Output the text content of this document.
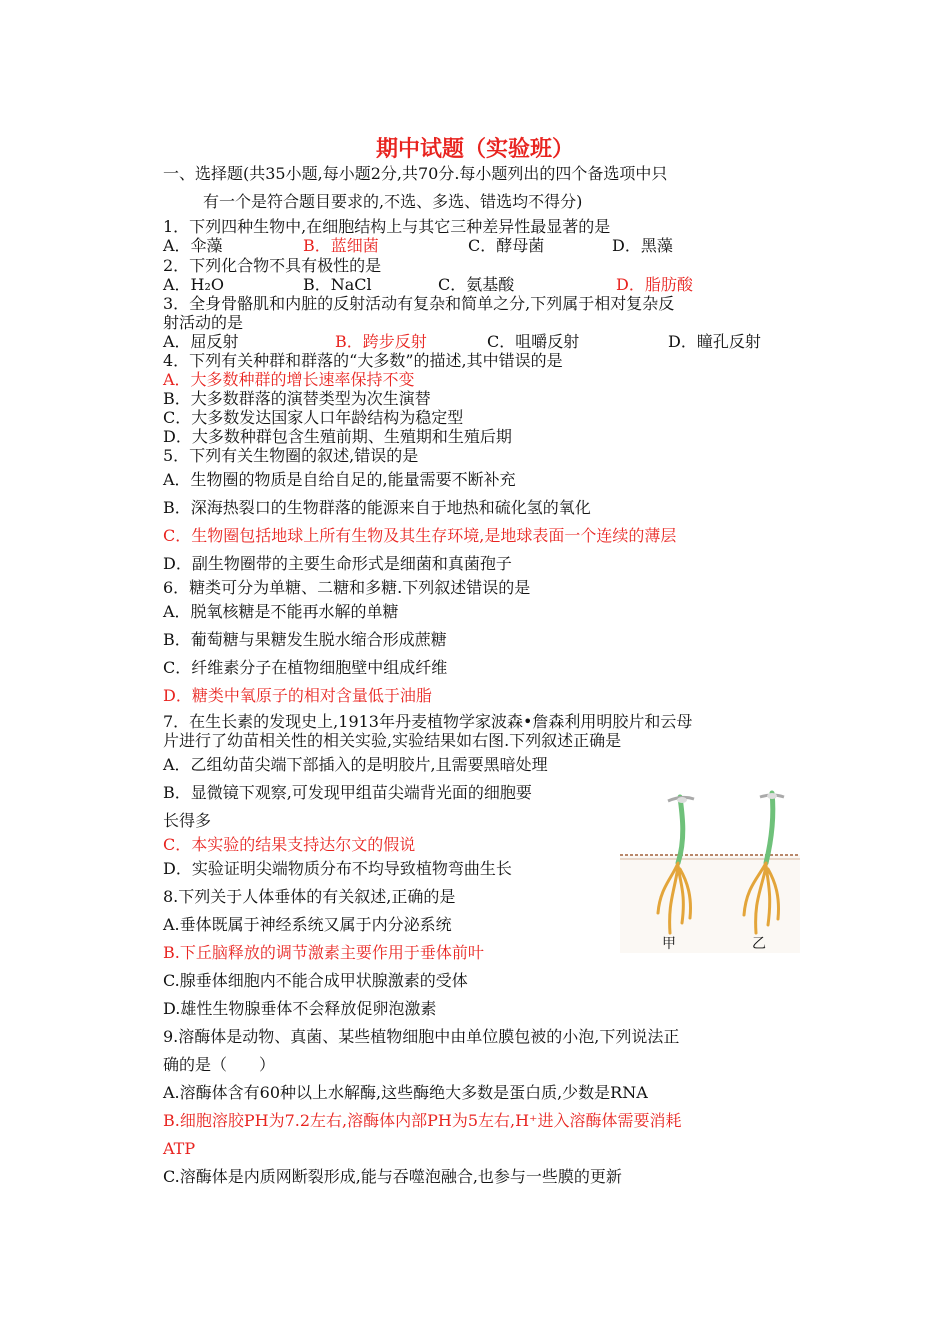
期中试题（实验班）
一、选择题(共35小题,每小题2分,共70分.每小题列出的四个备选项中只
有一个是符合题目要求的,不选、多选、错选均不得分)
1．下列四种生物中,在细胞结构上与其它三种差异性最显著的是
A．伞藻	B．蓝细菌	C．酵母菌	D．黑藻
2．下列化合物不具有极性的是
A．H₂O	B．NaCl	C．氨基酸	D．脂肪酸
3．全身骨骼肌和内脏的反射活动有复杂和简单之分,下列属于相对复杂反
射活动的是
A．屈反射	B．跨步反射	C．咀嚼反射	D．瞳孔反射
4．下列有关种群和群落的“大多数”的描述,其中错误的是
A．大多数种群的增长速率保持不变
B．大多数群落的演替类型为次生演替
C．大多数发达国家人口年龄结构为稳定型
D．大多数种群包含生殖前期、生殖期和生殖后期
5．下列有关生物圈的叙述,错误的是
A．生物圈的物质是自给自足的,能量需要不断补充
B．深海热裂口的生物群落的能源来自于地热和硫化氢的氧化
C．生物圈包括地球上所有生物及其生存环境,是地球表面一个连续的薄层
D．副生物圈带的主要生命形式是细菌和真菌孢子
6．糖类可分为单糖、二糖和多糖.下列叙述错误的是
A．脱氧核糖是不能再水解的单糖
B．葡萄糖与果糖发生脱水缩合形成蔗糖
C．纤维素分子在植物细胞壁中组成纤维
D．糖类中氧原子的相对含量低于油脂
7．在生长素的发现史上,1913年丹麦植物学家波森•詹森利用明胶片和云母
片进行了幼苗相关性的相关实验,实验结果如右图.下列叙述正确是
A．乙组幼苗尖端下部插入的是明胶片,且需要黑暗处理
B．显微镜下观察,可发现甲组苗尖端背光面的细胞要
长得多
C．本实验的结果支持达尔文的假说
D．实验证明尖端物质分布不均导致植物弯曲生长
甲	乙
8.下列关于人体垂体的有关叙述,正确的是
A.垂体既属于神经系统又属于内分泌系统
B.下丘脑释放的调节激素主要作用于垂体前叶
C.腺垂体细胞内不能合成甲状腺激素的受体
D.雄性生物腺垂体不会释放促卵泡激素
9.溶酶体是动物、真菌、某些植物细胞中由单位膜包被的小泡,下列说法正
确的是（　　）
A.溶酶体含有60种以上水解酶,这些酶绝大多数是蛋白质,少数是RNA
B.细胞溶胶PH为7.2左右,溶酶体内部PH为5左右,H⁺进入溶酶体需要消耗
ATP
C.溶酶体是内质网断裂形成,能与吞噬泡融合,也参与一些膜的更新
